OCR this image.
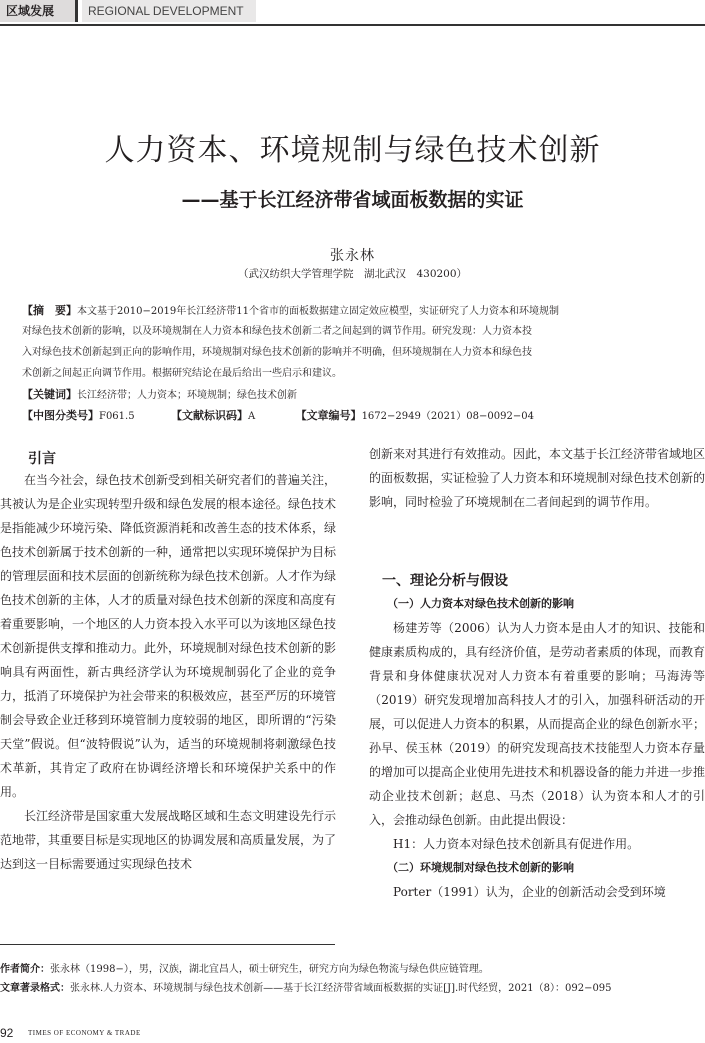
区域发展	REGIONAL DEVELOPMENT
人力资本、环境规制与绿色技术创新
——基于长江经济带省域面板数据的实证
张永林
（武汉纺织大学管理学院　湖北武汉　430200）
【摘　要】本文基于2010−2019年长江经济带11个省市的面板数据建立固定效应模型，实证研究了人力资本和环境规制
对绿色技术创新的影响，以及环境规制在人力资本和绿色技术创新二者之间起到的调节作用。研究发现：人力资本投
入对绿色技术创新起到正向的影响作用，环境规制对绿色技术创新的影响并不明确，但环境规制在人力资本和绿色技
术创新之间起正向调节作用。根据研究结论在最后给出一些启示和建议。
【关键词】长江经济带；人力资本；环境规制；绿色技术创新
【中图分类号】F061.5	【文献标识码】A	【文章编号】1672−2949（2021）08−0092−04
引言

在当今社会，绿色技术创新受到相关研究者们的普遍关注，其被认为是企业实现转型升级和绿色发展的根本途径。绿色技术是指能减少环境污染、降低资源消耗和改善生态的技术体系，绿色技术创新属于技术创新的一种，通常把以实现环境保护为目标的管理层面和技术层面的创新统称为绿色技术创新。人才作为绿色技术创新的主体，人才的质量对绿色技术创新的深度和高度有着重要影响，一个地区的人力资本投入水平可以为该地区绿色技术创新提供支撑和推动力。此外，环境规制对绿色技术创新的影响具有两面性，新古典经济学认为环境规制弱化了企业的竞争力，抵消了环境保护为社会带来的积极效应，甚至严厉的环境管制会导致企业迁移到环境管制力度较弱的地区，即所谓的“污染天堂”假说。但“波特假说”认为，适当的环境规制将刺激绿色技术革新，其肯定了政府在协调经济增长和环境保护关系中的作用。

长江经济带是国家重大发展战略区域和生态文明建设先行示范地带，其重要目标是实现地区的协调发展和高质量发展，为了达到这一目标需要通过实现绿色技术

创新来对其进行有效推动。因此，本文基于长江经济带省域地区的面板数据，实证检验了人力资本和环境规制对绿色技术创新的影响，同时检验了环境规制在二者间起到的调节作用。
一、理论分析与假设
（一）人力资本对绿色技术创新的影响

杨建芳等（2006）认为人力资本是由人才的知识、技能和健康素质构成的，具有经济价值，是劳动者素质的体现，而教育背景和身体健康状况对人力资本有着重要的影响；马海涛等（2019）研究发现增加高科技人才的引入，加强科研活动的开展，可以促进人力资本的积累，从而提高企业的绿色创新水平；孙早、侯玉林（2019）的研究发现高技术技能型人力资本存量的增加可以提高企业使用先进技术和机器设备的能力并进一步推动企业技术创新；赵息、马杰（2018）认为资本和人才的引入，会推动绿色创新。由此提出假设：

H1：人力资本对绿色技术创新具有促进作用。

（二）环境规制对绿色技术创新的影响

Porter（1991）认为，企业的创新活动会受到环境

作者简介：张永林（1998−），男，汉族，湖北宜昌人，硕士研究生，研究方向为绿色物流与绿色供应链管理。
文章著录格式：张永林.人力资本、环境规制与绿色技术创新——基于长江经济带省域面板数据的实证[J].时代经贸，2021（8）：092−095
92 TIMES OF ECONOMY & TRADE
